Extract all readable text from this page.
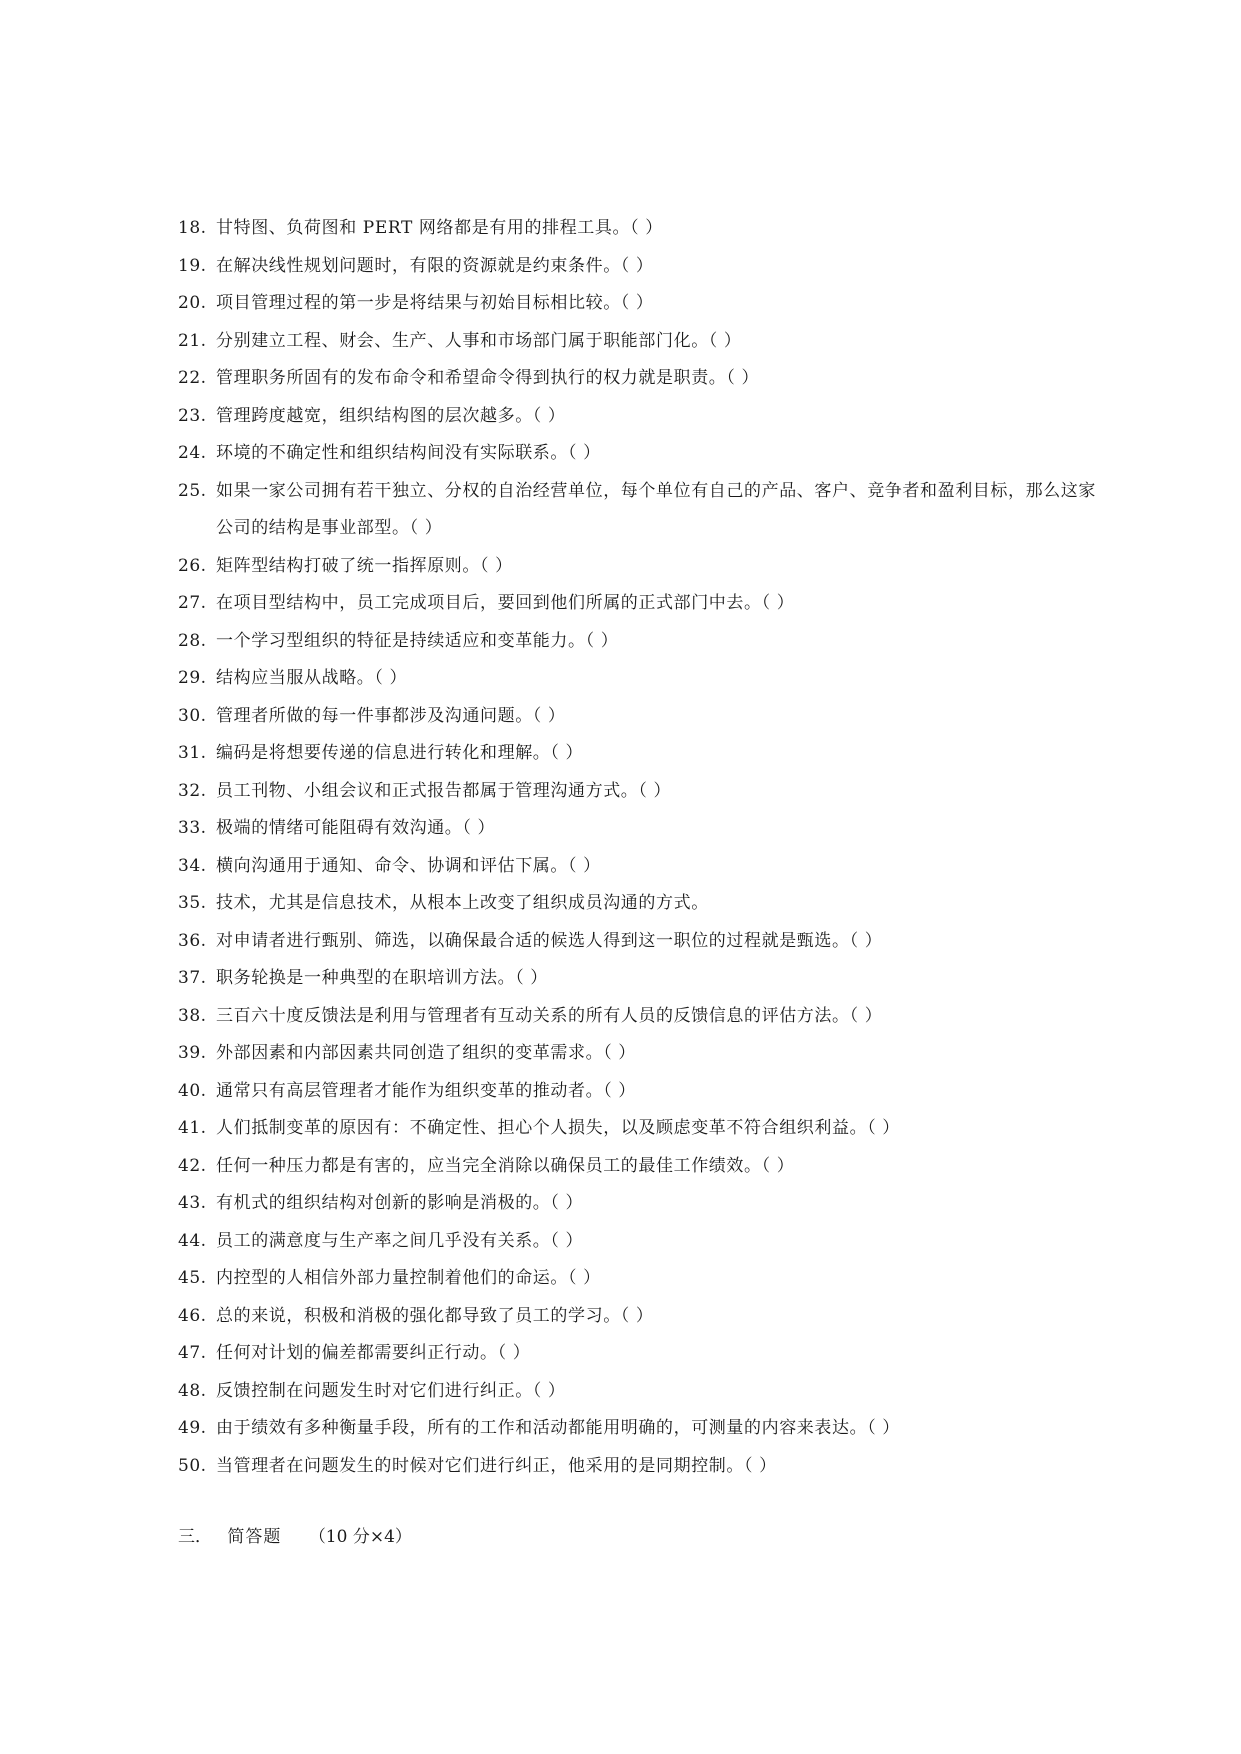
18. 甘特图、负荷图和 PERT 网络都是有用的排程工具。（ ）
19. 在解决线性规划问题时，有限的资源就是约束条件。（ ）
20. 项目管理过程的第一步是将结果与初始目标相比较。（ ）
21. 分别建立工程、财会、生产、人事和市场部门属于职能部门化。（ ）
22. 管理职务所固有的发布命令和希望命令得到执行的权力就是职责。（ ）
23. 管理跨度越宽，组织结构图的层次越多。（ ）
24. 环境的不确定性和组织结构间没有实际联系。（ ）
25. 如果一家公司拥有若干独立、分权的自治经营单位，每个单位有自己的产品、客户、竞争者和盈利目标，那么这家公司的结构是事业部型。（ ）
26. 矩阵型结构打破了统一指挥原则。（ ）
27. 在项目型结构中，员工完成项目后，要回到他们所属的正式部门中去。（ ）
28. 一个学习型组织的特征是持续适应和变革能力。（ ）
29. 结构应当服从战略。（ ）
30. 管理者所做的每一件事都涉及沟通问题。（ ）
31. 编码是将想要传递的信息进行转化和理解。（ ）
32. 员工刊物、小组会议和正式报告都属于管理沟通方式。（ ）
33. 极端的情绪可能阻碍有效沟通。（ ）
34. 横向沟通用于通知、命令、协调和评估下属。（ ）
35. 技术，尤其是信息技术，从根本上改变了组织成员沟通的方式。
36. 对申请者进行甄别、筛选，以确保最合适的候选人得到这一职位的过程就是甄选。（ ）
37. 职务轮换是一种典型的在职培训方法。（ ）
38. 三百六十度反馈法是利用与管理者有互动关系的所有人员的反馈信息的评估方法。（ ）
39. 外部因素和内部因素共同创造了组织的变革需求。（ ）
40. 通常只有高层管理者才能作为组织变革的推动者。（ ）
41. 人们抵制变革的原因有：不确定性、担心个人损失，以及顾虑变革不符合组织利益。（ ）
42. 任何一种压力都是有害的，应当完全消除以确保员工的最佳工作绩效。（ ）
43. 有机式的组织结构对创新的影响是消极的。（ ）
44. 员工的满意度与生产率之间几乎没有关系。（ ）
45. 内控型的人相信外部力量控制着他们的命运。（ ）
46. 总的来说，积极和消极的强化都导致了员工的学习。（ ）
47. 任何对计划的偏差都需要纠正行动。（ ）
48. 反馈控制在问题发生时对它们进行纠正。（ ）
49. 由于绩效有多种衡量手段，所有的工作和活动都能用明确的，可测量的内容来表达。（ ）
50. 当管理者在问题发生的时候对它们进行纠正，他采用的是同期控制。（ ）
三． 简答题 （10 分×4）
